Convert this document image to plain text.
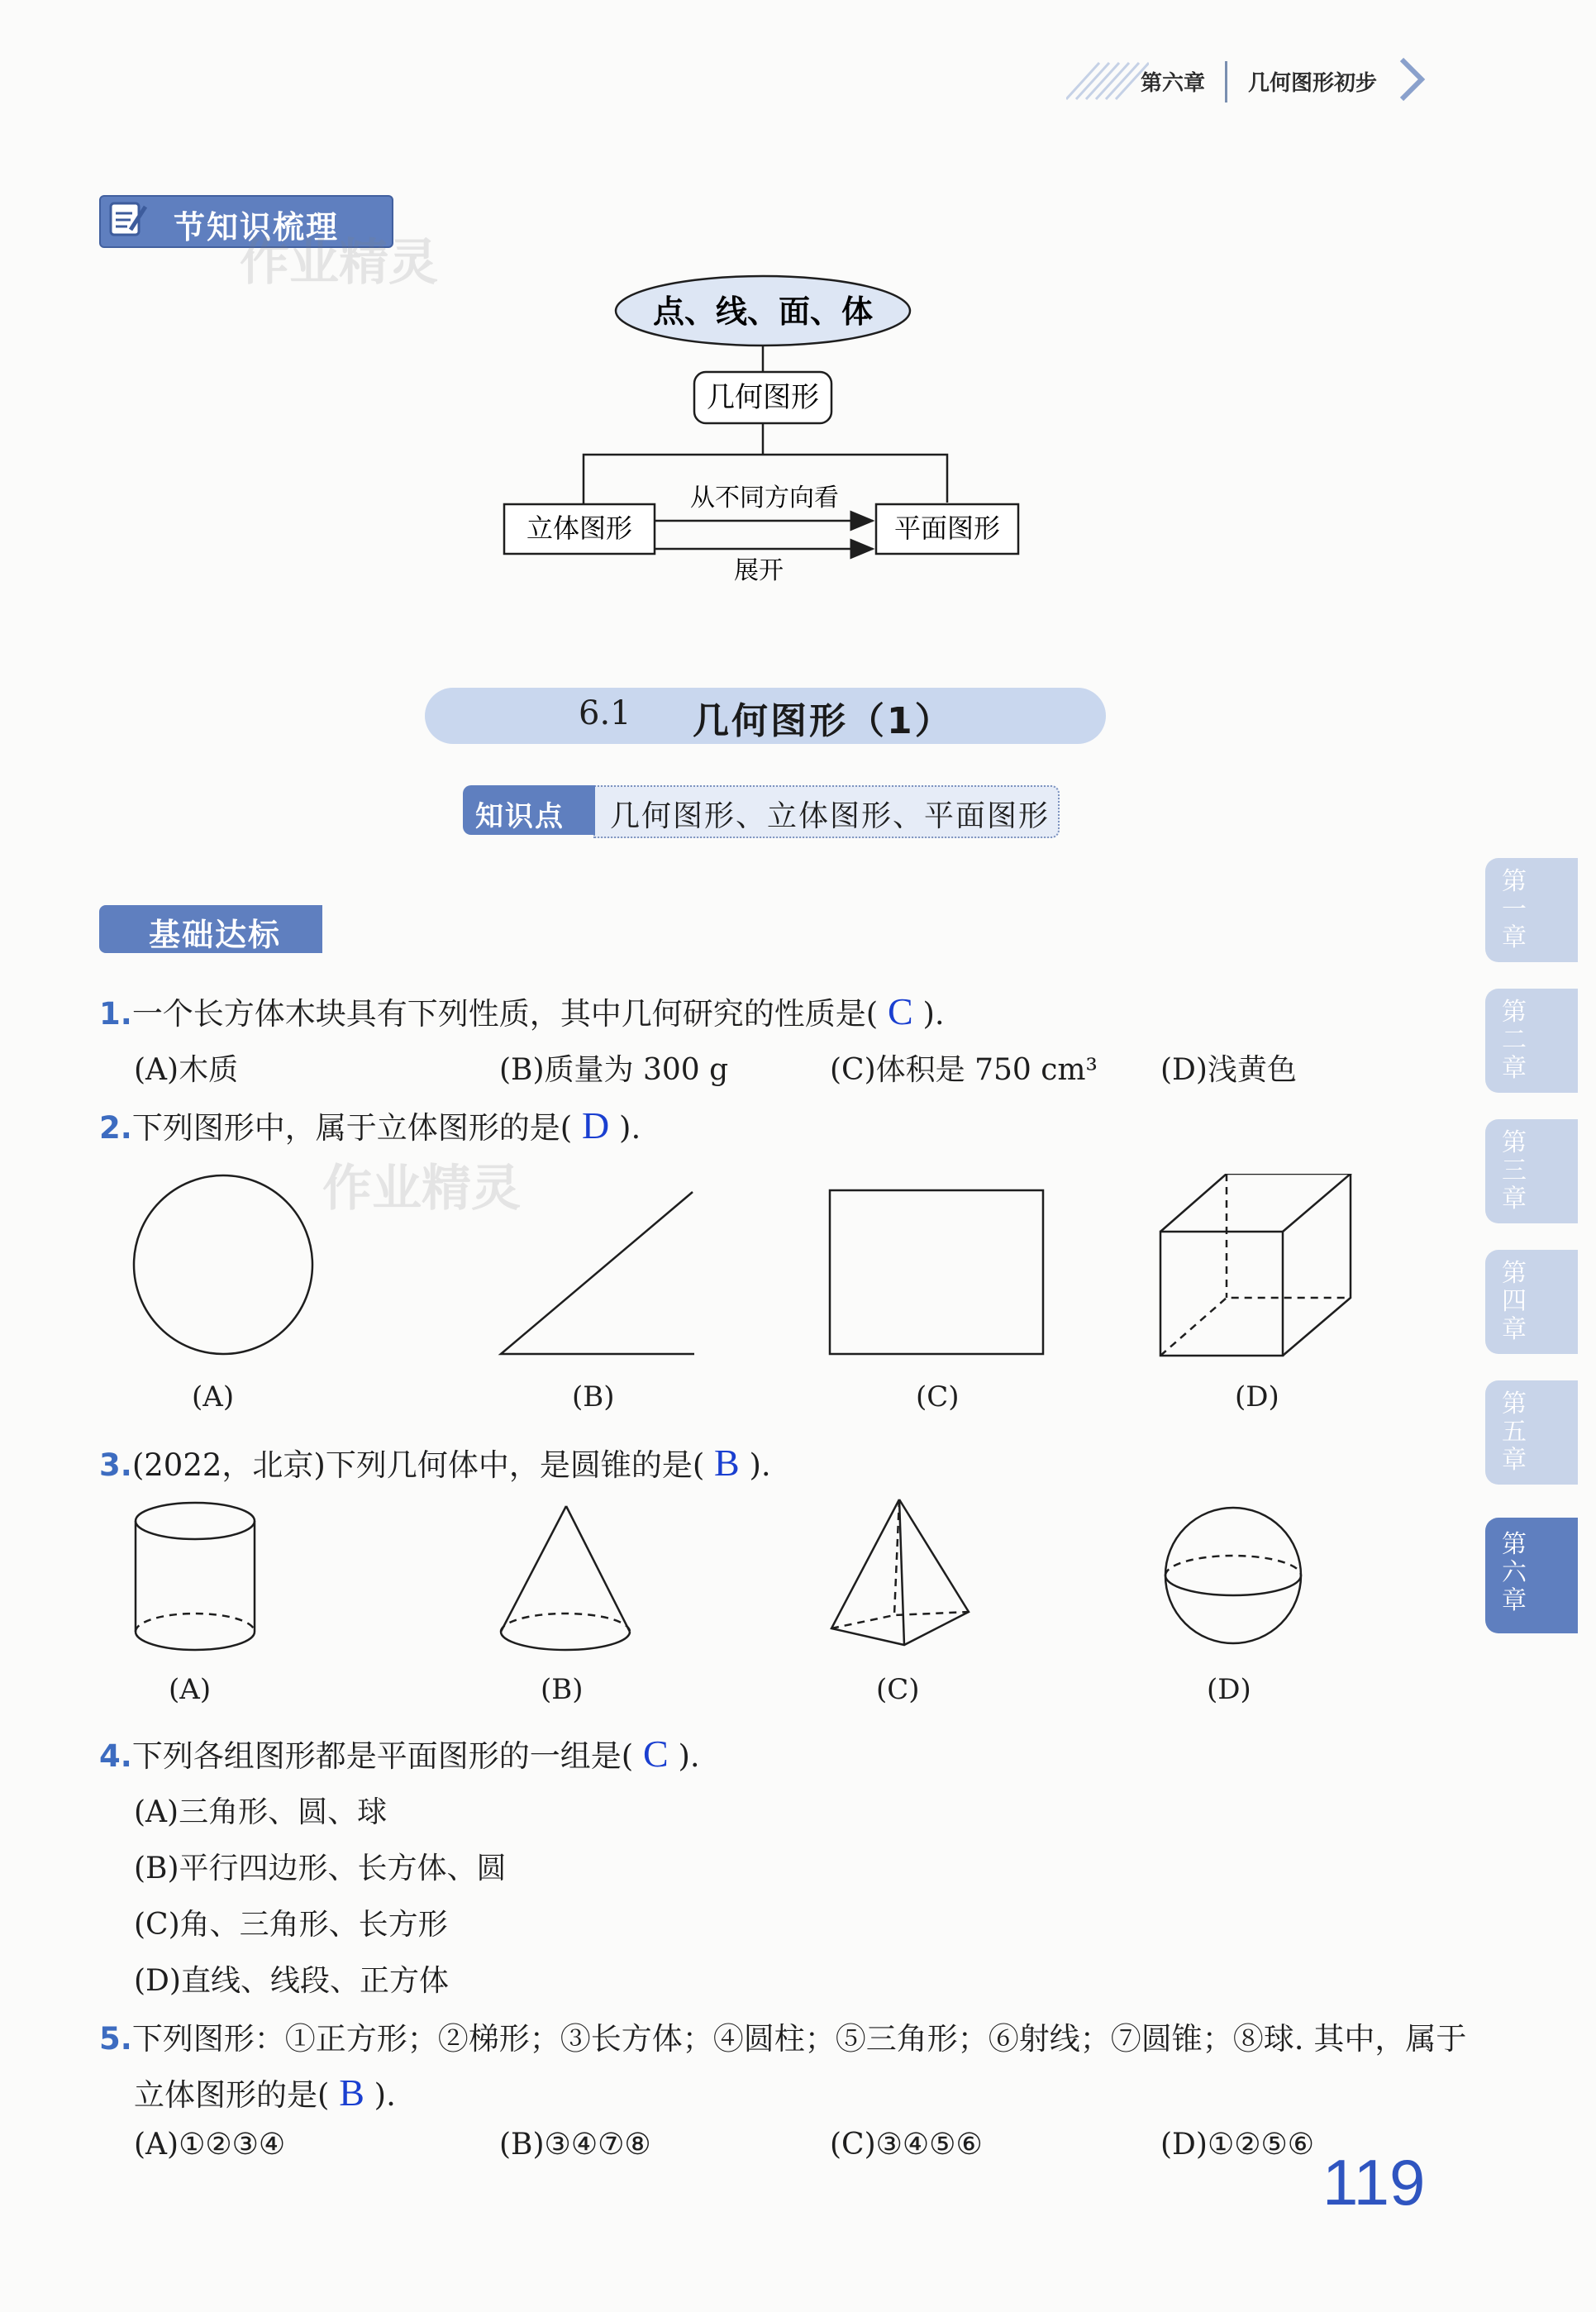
第六章 几何图形初步
节知识梳理
作业精灵
点、线、面、体
几何图形
立体图形	平面图形
从不同方向看
展开
6.1 几何图形（1）
知识点 几何图形、立体图形、平面图形
基础达标
1.一个长方体木块具有下列性质，其中几何研究的性质是( C ).
(A)木质	(B)质量为 300 g	(C)体积是 750 cm³ (D)浅黄色
2.下列图形中，属于立体图形的是( D ).
作业精灵
(A)	(B)	(C)	(D)
3.(2022，北京)下列几何体中，是圆锥的是( B ).
(A)	(B)	(C)	(D)
4.下列各组图形都是平面图形的一组是( C ).
(A)三角形、圆、球
(B)平行四边形、长方体、圆
(C)角、三角形、长方形
(D)直线、线段、正方体
5.下列图形：①正方形；②梯形；③长方体；④圆柱；⑤三角形；⑥射线；⑦圆锥；⑧球. 其中，属于
立体图形的是( B ).
(A)①②③④	(B)③④⑦⑧	(C)③④⑤⑥	(D)①②⑤⑥
第一章
第二章
第三章
第四章
第五章
第六章
119
